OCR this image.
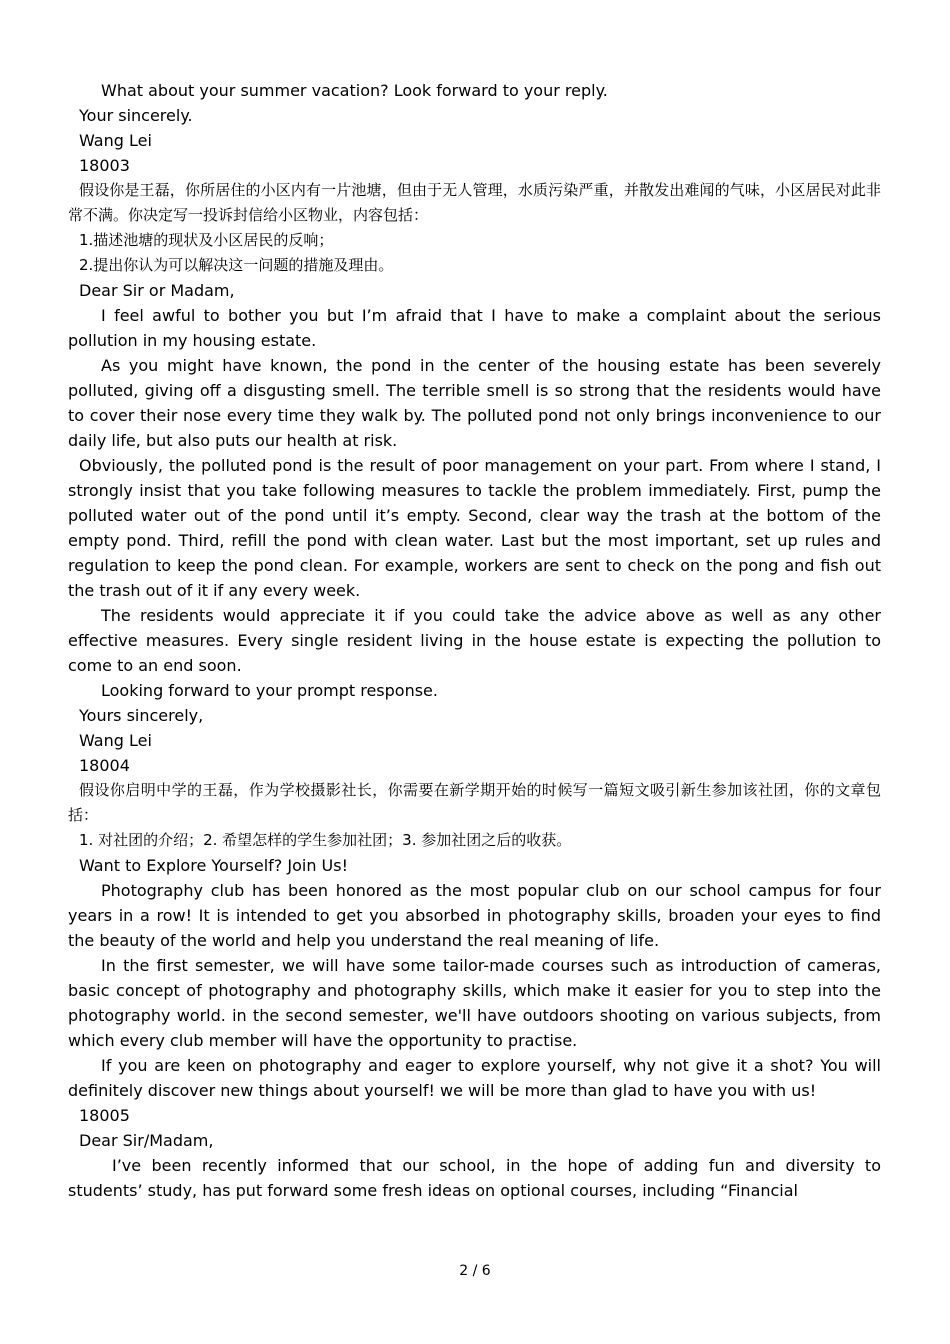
What about your summer vacation? Look forward to your reply.

Your sincerely.

Wang Lei

18003

假设你是王磊，你所居住的小区内有一片池塘，但由于无人管理，水质污染严重，并散发出难闻的气味，小区居民对此非常不满。你决定写一投诉封信给小区物业，内容包括：

1.描述池塘的现状及小区居民的反响；

2.提出你认为可以解决这一问题的措施及理由。

Dear Sir or Madam,

I feel awful to bother you but I’m afraid that I have to make a complaint about the serious pollution in my housing estate.

As you might have known, the pond in the center of the housing estate has been severely polluted, giving off a disgusting smell. The terrible smell is so strong that the residents would have to cover their nose every time they walk by. The polluted pond not only brings inconvenience to our daily life, but also puts our health at risk.

Obviously, the polluted pond is the result of poor management on your part. From where I stand, I strongly insist that you take following measures to tackle the problem immediately. First, pump the polluted water out of the pond until it’s empty. Second, clear way the trash at the bottom of the empty pond. Third, refill the pond with clean water. Last but the most important, set up rules and regulation to keep the pond clean. For example, workers are sent to check on the pong and fish out the trash out of it if any every week.

The residents would appreciate it if you could take the advice above as well as any other effective measures. Every single resident living in the house estate is expecting the pollution to come to an end soon.

Looking forward to your prompt response.

Yours sincerely,

Wang Lei

18004

假设你启明中学的王磊，作为学校摄影社长，你需要在新学期开始的时候写一篇短文吸引新生参加该社团，你的文章包括：

1. 对社团的介绍；2. 希望怎样的学生参加社团；3. 参加社团之后的收获。

Want to Explore Yourself? Join Us!

Photography club has been honored as the most popular club on our school campus for four years in a row! It is intended to get you absorbed in photography skills, broaden your eyes to find the beauty of the world and help you understand the real meaning of life.

In the first semester, we will have some tailor-made courses such as introduction of cameras, basic concept of photography and photography skills, which make it easier for you to step into the photography world. in the second semester, we'll have outdoors shooting on various subjects, from which every club member will have the opportunity to practise.

If you are keen on photography and eager to explore yourself, why not give it a shot? You will definitely discover new things about yourself! we will be more than glad to have you with us!

18005

Dear Sir/Madam,

I’ve been recently informed that our school, in the hope of adding fun and diversity to students’ study, has put forward some fresh ideas on optional courses, including “Financial

2 / 6
